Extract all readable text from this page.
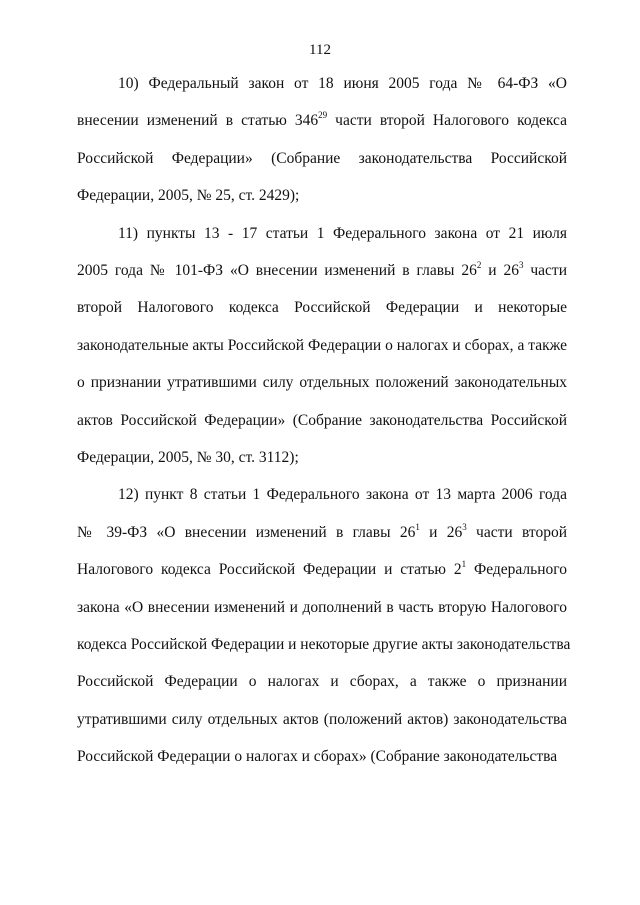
112
10) Федеральный закон от 18 июня 2005 года № 64-ФЗ «О
внесении изменений в статью $346^{29}$ части второй Налогового кодекса
Российской Федерации» (Собрание законодательства Российской
Федерации, 2005, № 25, ст. 2429);
11) пункты 13 - 17 статьи 1 Федерального закона от 21 июля
2005 года № 101-ФЗ «О внесении изменений в главы $26^2$ и $26^3$ части
второй Налогового кодекса Российской Федерации и некоторые
законодательные акты Российской Федерации о налогах и сборах, а также
о признании утратившими силу отдельных положений законодательных
актов Российской Федерации» (Собрание законодательства Российской
Федерации, 2005, № 30, ст. 3112);
12) пункт 8 статьи 1 Федерального закона от 13 марта 2006 года
№ 39-ФЗ «О внесении изменений в главы $26^1$ и $26^3$ части второй
Налогового кодекса Российской Федерации и статью $2^1$ Федерального
закона «О внесении изменений и дополнений в часть вторую Налогового
кодекса Российской Федерации и некоторые другие акты законодательства
Российской Федерации о налогах и сборах, а также о признании
утратившими силу отдельных актов (положений актов) законодательства
Российской Федерации о налогах и сборах» (Собрание законодательства
